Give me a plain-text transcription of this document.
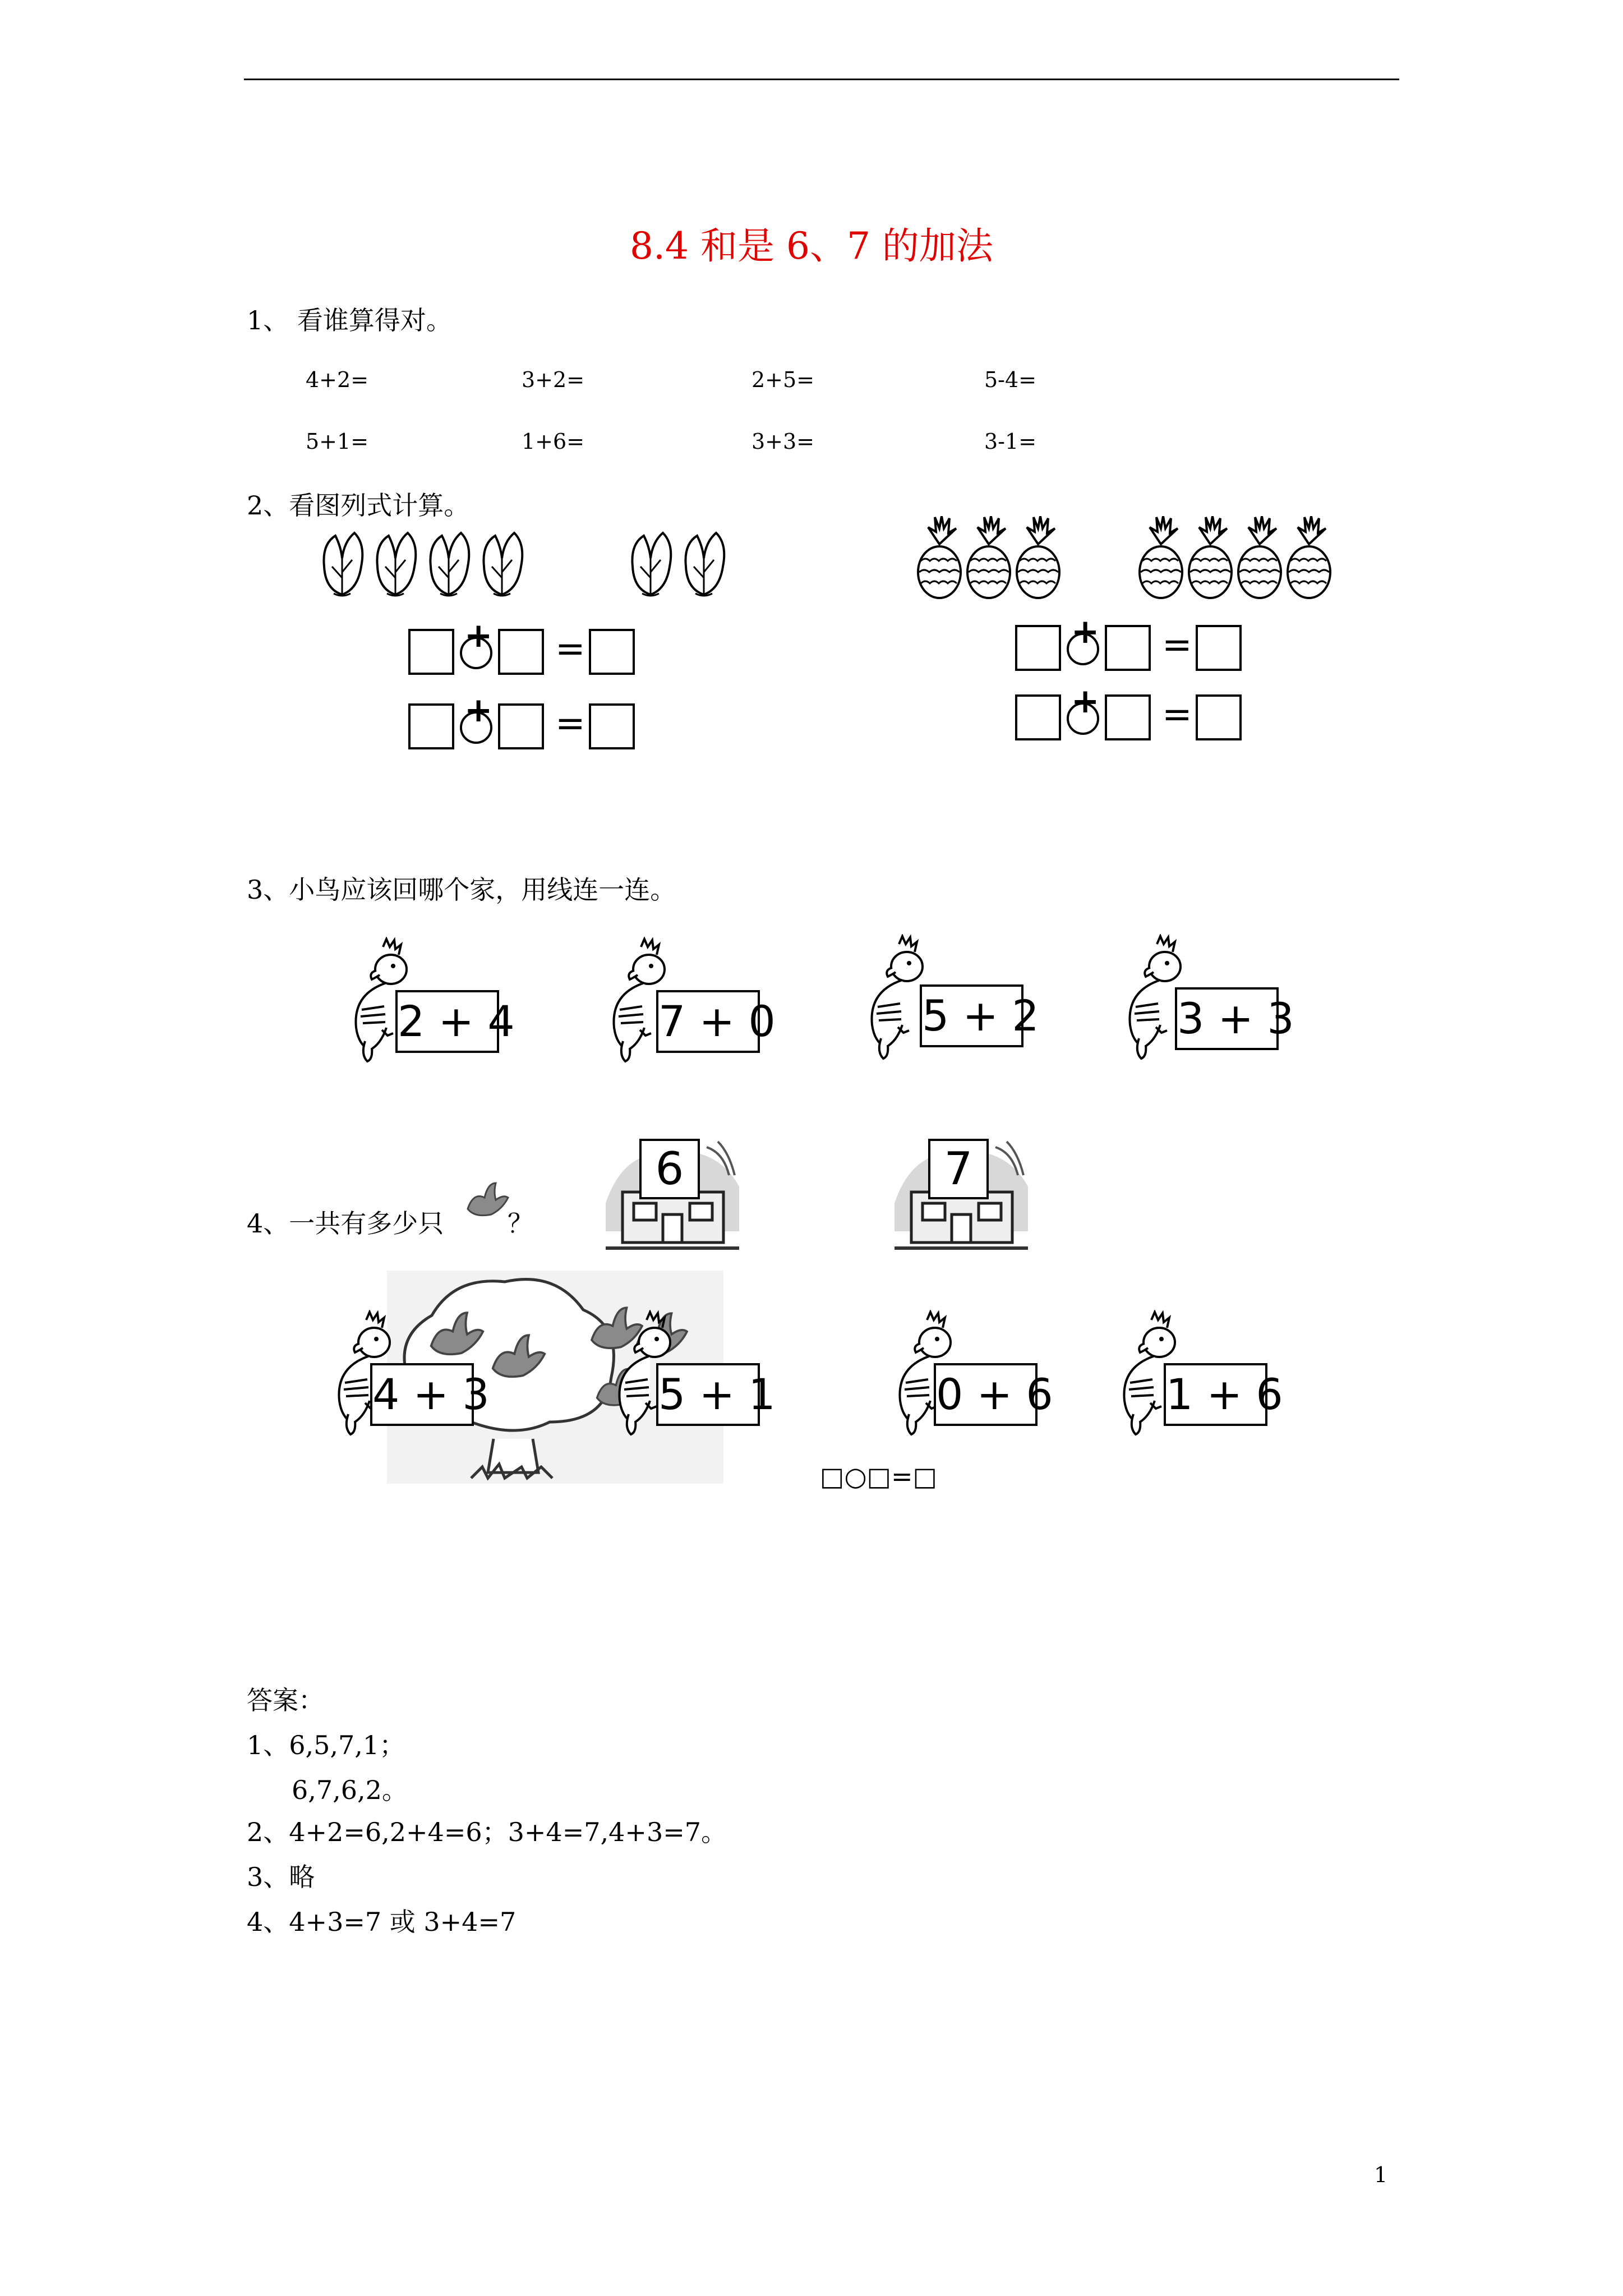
8.4 和是 6、7 的加法
1、 看谁算得对。
4+2=	3+2=	2+5=	5-4=
5+1=	1+6=	3+3=	3-1=
2、看图列式计算。
+ =
+ =
+ =
+ =
3、小鸟应该回哪个家，用线连一连。
2 + 4	7 + 0	5 + 2	3 + 3
6	7
4、一共有多少只 ？
4 + 3	5 + 1	0 + 6	1 + 6
□○□=□
答案：
1、6,5,7,1；
6,7,6,2。
2、4+2=6,2+4=6；3+4=7,4+3=7。
3、略
4、4+3=7 或 3+4=7
1
